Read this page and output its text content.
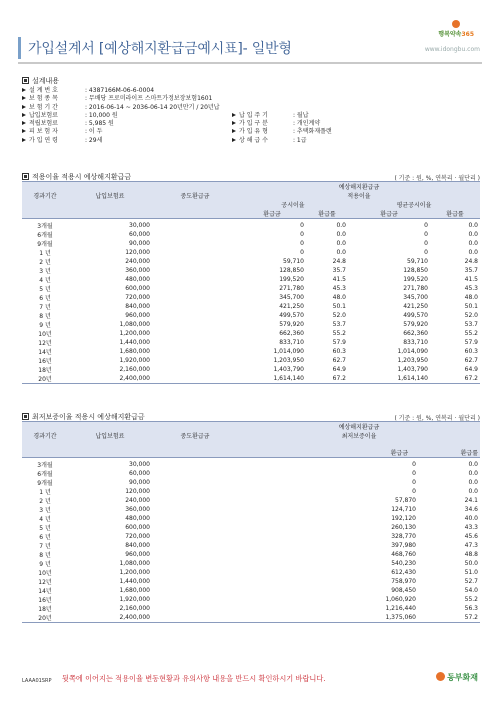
행복약속365
가입설계서 [예상해지환급금예시표]- 일반형	www.idongbu.com
설계내용
설 계 번 호	: 4387166M-06-6-0004
보 험 종 목	: 무배당 프로미라이프 스마트가정보장보험1601
보 험 기 간	: 2016-06-14 ~ 2036-06-14 20년만기 / 20년납
납입보험료	: 10,000 원	납 입 주 기	: 월납
적립보험료	: 5,985 원	가 입 구 분	: 개인계약
피 보 험 자	: 이 두	가 입 유 형	: 추택화재플랜
가 입 연 령	: 29세	상 해 급 수	: 1급
적용이율 적용시 예상해지환급금	( 기준 : 원, %, 연복리 · 월단리 )
경과기간	납입보험료	중도환급금	예상해지환급금			
			적용이율			
			공시이율		평균공시이율	
			환급금	환급률	환급금	환급률
3개월	30,000		0	0.0	0	0.0
6개월	60,000		0	0.0	0	0.0
9개월	90,000		0	0.0	0	0.0
1 년	120,000		0	0.0	0	0.0
2 년	240,000		59,710	24.8	59,710	24.8
3 년	360,000		128,850	35.7	128,850	35.7
4 년	480,000		199,520	41.5	199,520	41.5
5 년	600,000		271,780	45.3	271,780	45.3
6 년	720,000		345,700	48.0	345,700	48.0
7 년	840,000		421,250	50.1	421,250	50.1
8 년	960,000		499,570	52.0	499,570	52.0
9 년	1,080,000		579,920	53.7	579,920	53.7
10년	1,200,000		662,360	55.2	662,360	55.2
12년	1,440,000		833,710	57.9	833,710	57.9
14년	1,680,000		1,014,090	60.3	1,014,090	60.3
16년	1,920,000		1,203,950	62.7	1,203,950	62.7
18년	2,160,000		1,403,790	64.9	1,403,790	64.9
20년	2,400,000		1,614,140	67.2	1,614,140	67.2
최저보증이율 적용시 예상해지환급금	( 기준 : 원, %, 연복리 · 월단리 )
경과기간	납입보험료	중도환급금	예상해지환급금	
			최저보증이율	

			환급금	환급률
3개월	30,000		0	0.0
6개월	60,000		0	0.0
9개월	90,000		0	0.0
1 년	120,000		0	0.0
2 년	240,000		57,870	24.1
3 년	360,000		124,710	34.6
4 년	480,000		192,120	40.0
5 년	600,000		260,130	43.3
6 년	720,000		328,770	45.6
7 년	840,000		397,980	47.3
8 년	960,000		468,760	48.8
9 년	1,080,000		540,230	50.0
10년	1,200,000		612,430	51.0
12년	1,440,000		758,970	52.7
14년	1,680,000		908,450	54.0
16년	1,920,000		1,060,920	55.2
18년	2,160,000		1,216,440	56.3
20년	2,400,000		1,375,060	57.2
LAAA01SRP 뒷쪽에 이어지는 적용이율 변동현황과 유의사항 내용을 반드시 확인하시기 바랍니다.	동부화재
